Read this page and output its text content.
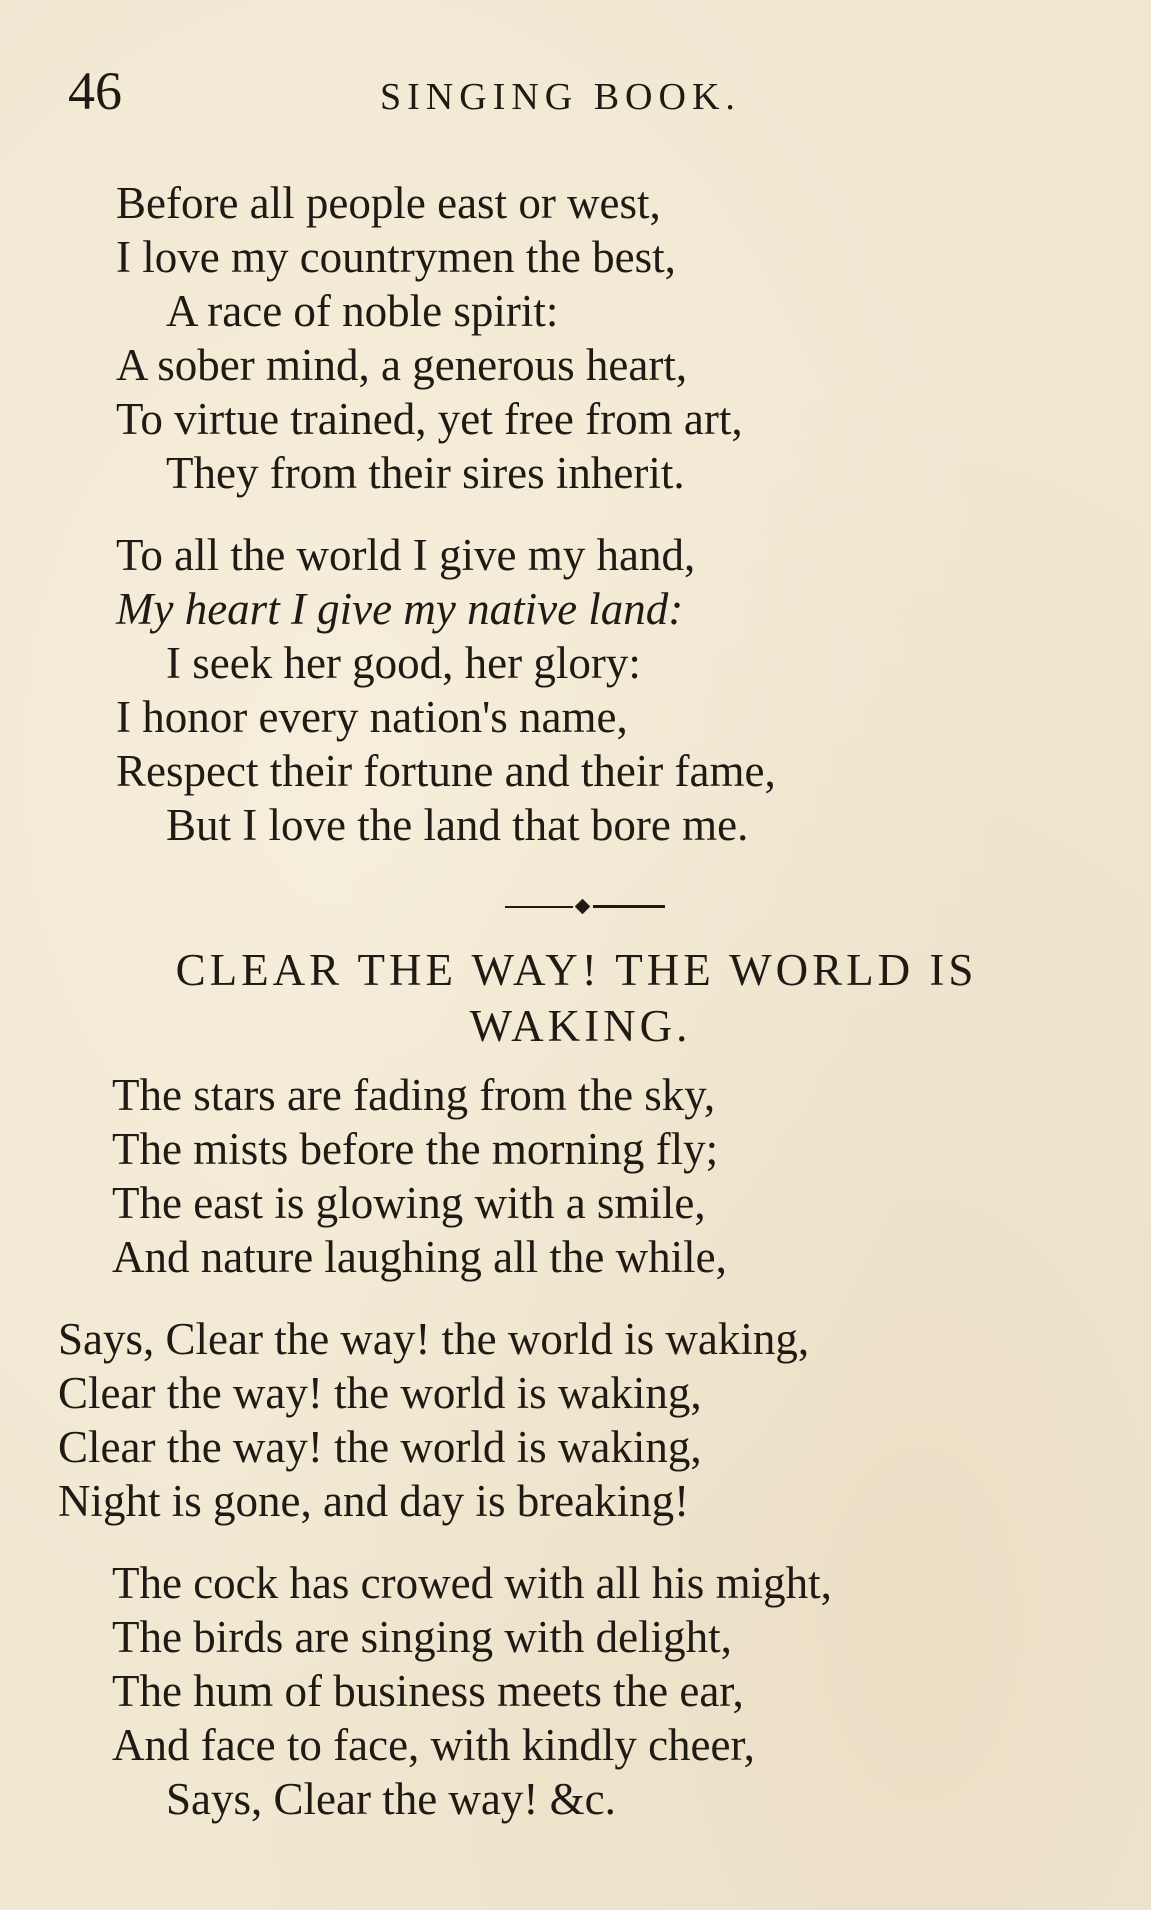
46	SINGING BOOK.
Before all people east or west,
I love my countrymen the best,
A race of noble spirit:
A sober mind, a generous heart,
To virtue trained, yet free from art,
They from their sires inherit.
To all the world I give my hand,
My heart I give my native land:
I seek her good, her glory:
I honor every nation's name,
Respect their fortune and their fame,
But I love the land that bore me.
CLEAR THE WAY! THE WORLD IS
WAKING.
The stars are fading from the sky,
The mists before the morning fly;
The east is glowing with a smile,
And nature laughing all the while,
Says, Clear the way! the world is waking,
Clear the way! the world is waking,
Clear the way! the world is waking,
Night is gone, and day is breaking!
The cock has crowed with all his might,
The birds are singing with delight,
The hum of business meets the ear,
And face to face, with kindly cheer,
Says, Clear the way! &c.
